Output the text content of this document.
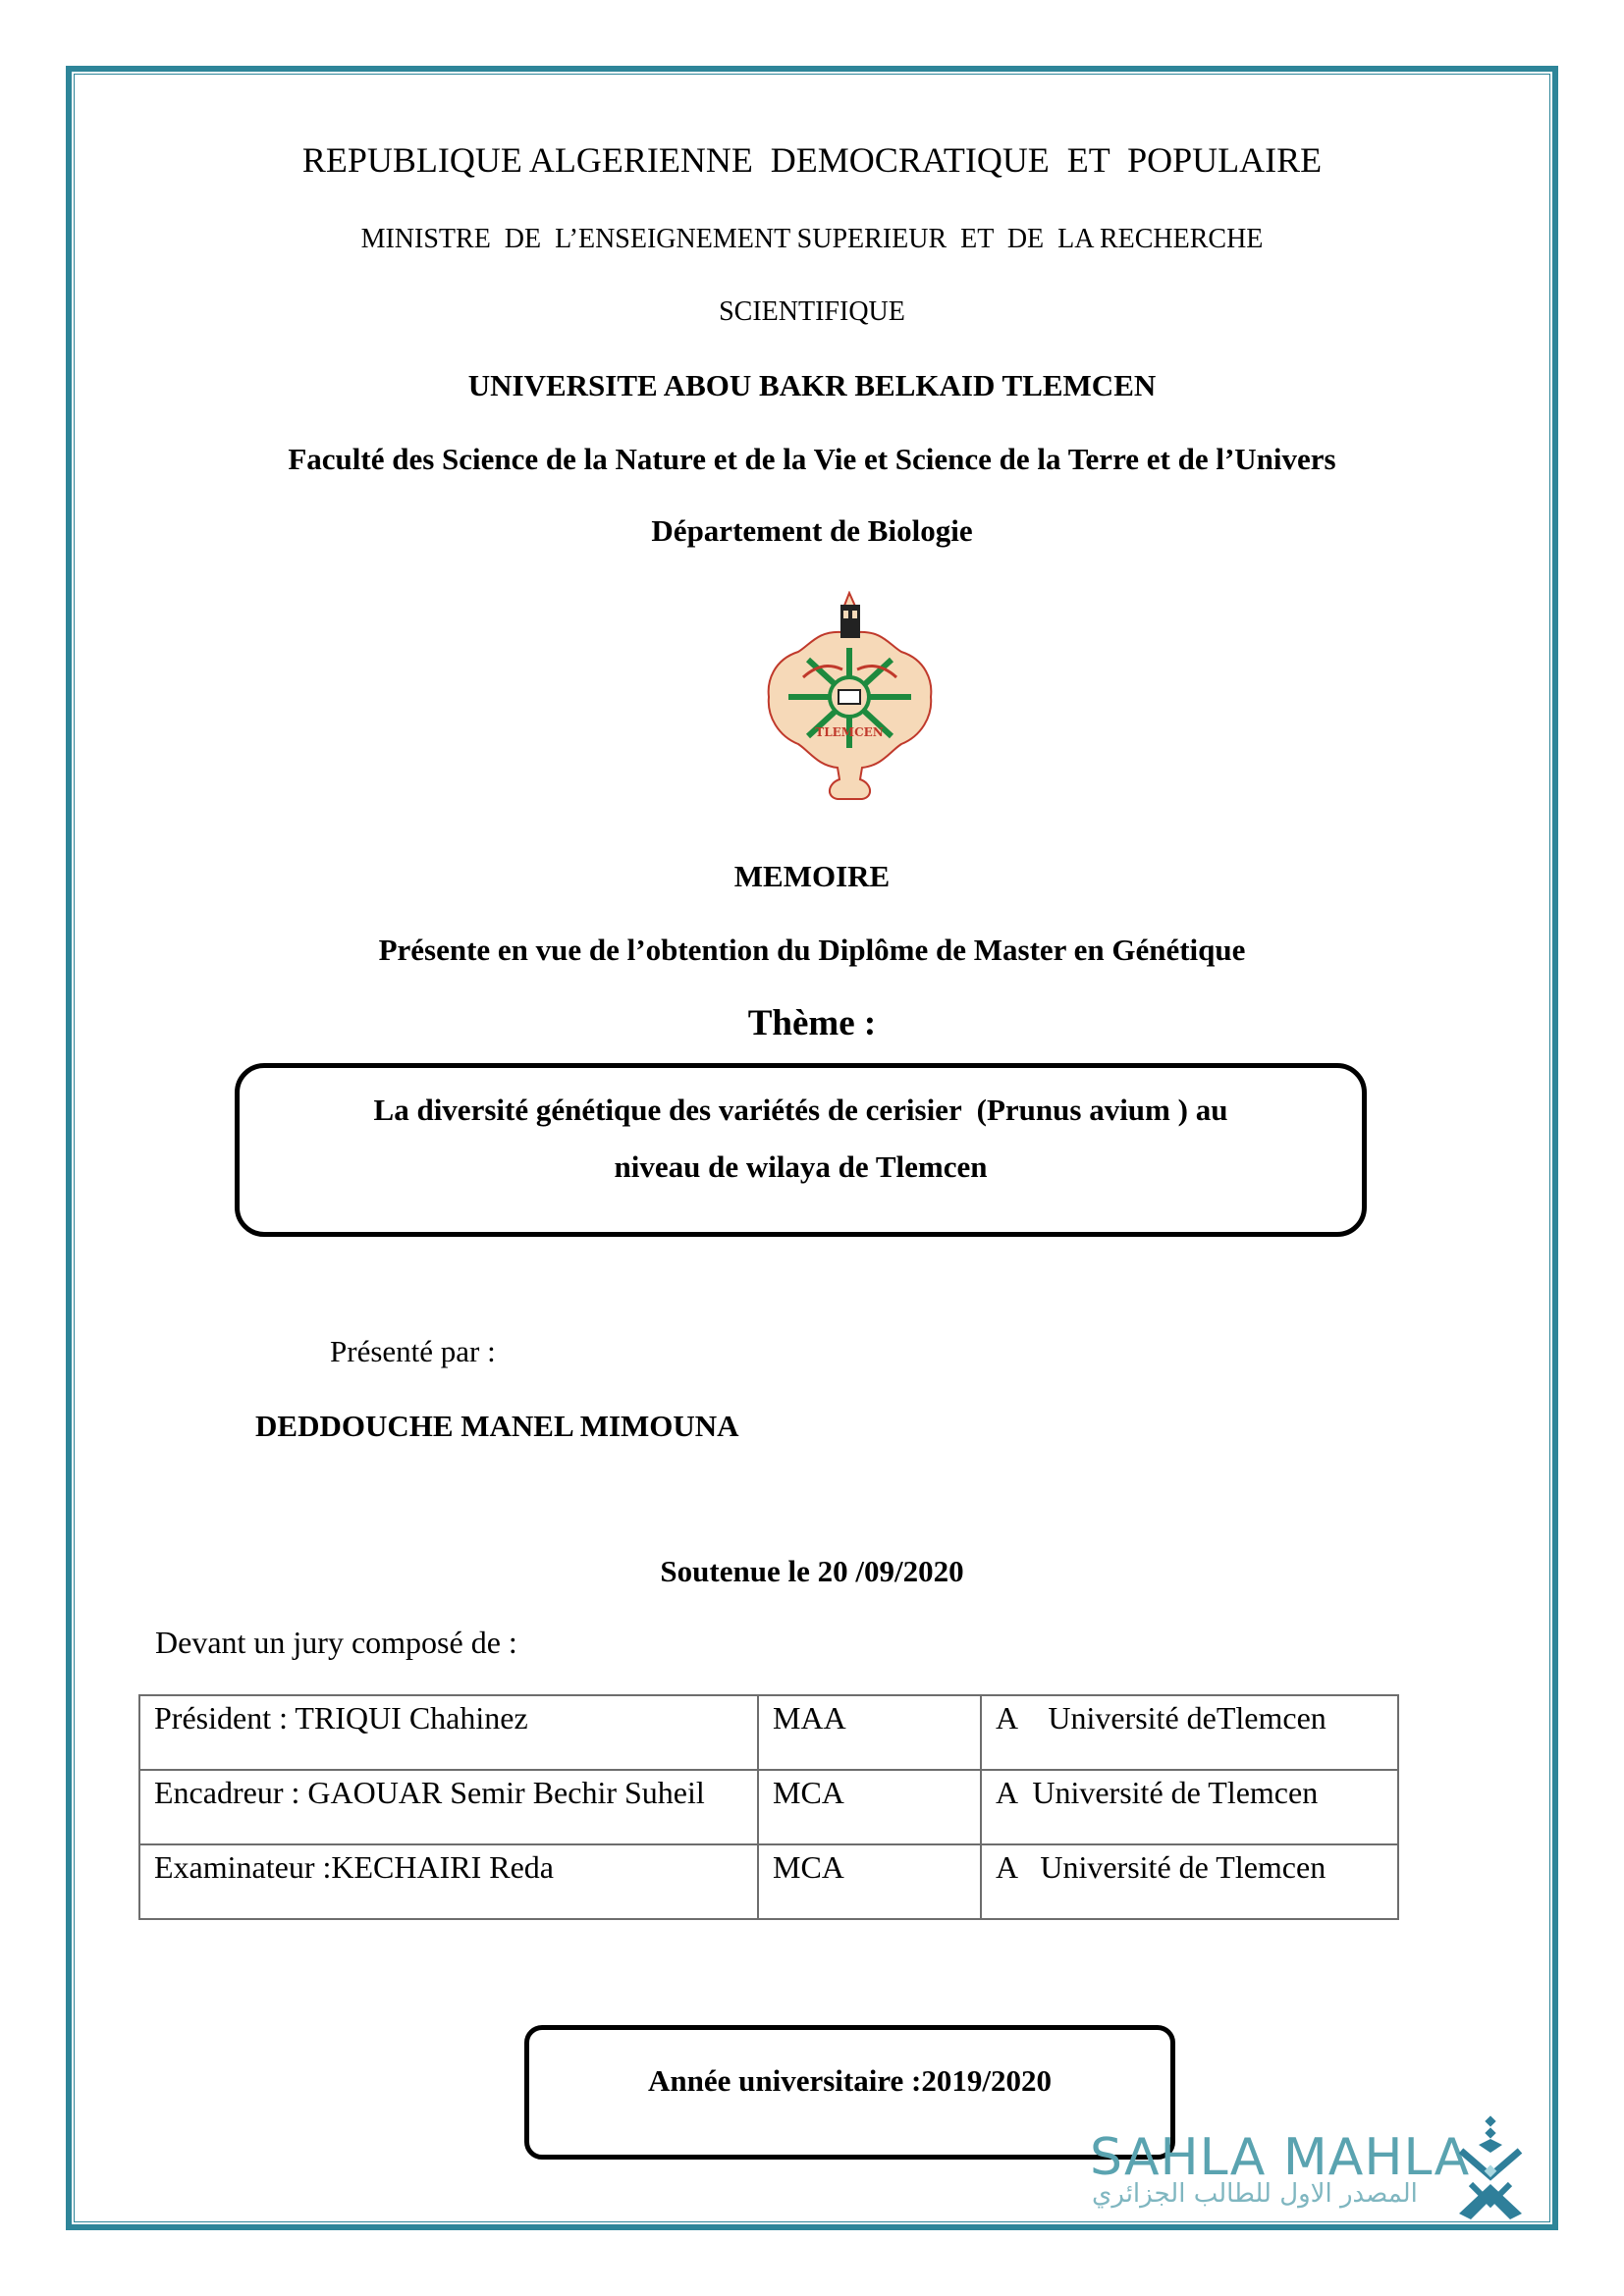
REPUBLIQUE ALGERIENNE  DEMOCRATIQUE  ET  POPULAIRE
MINISTRE  DE  L’ENSEIGNEMENT SUPERIEUR  ET  DE  LA RECHERCHE
SCIENTIFIQUE
UNIVERSITE ABOU BAKR BELKAID TLEMCEN
Faculté des Science de la Nature et de la Vie et Science de la Terre et de l’Univers
Département de Biologie
TLEMCEN
MEMOIRE
Présente en vue de l’obtention du Diplôme de Master en Génétique
Thème :
La diversité génétique des variétés de cerisier  (Prunus avium ) au
niveau de wilaya de Tlemcen
Présenté par :
DEDDOUCHE MANEL MIMOUNA
Soutenue le 20 /09/2020
Devant un jury composé de :
Président : TRIQUI Chahinez	MAA	A    Université deTlemcen
Encadreur : GAOUAR Semir Bechir Suheil	MCA	A  Université de Tlemcen
Examinateur :KECHAIRI Reda	MCA	A   Université de Tlemcen
Année universitaire :2019/2020
SAHLA MAHLA
المصدر الاول للطالب الجزائري
